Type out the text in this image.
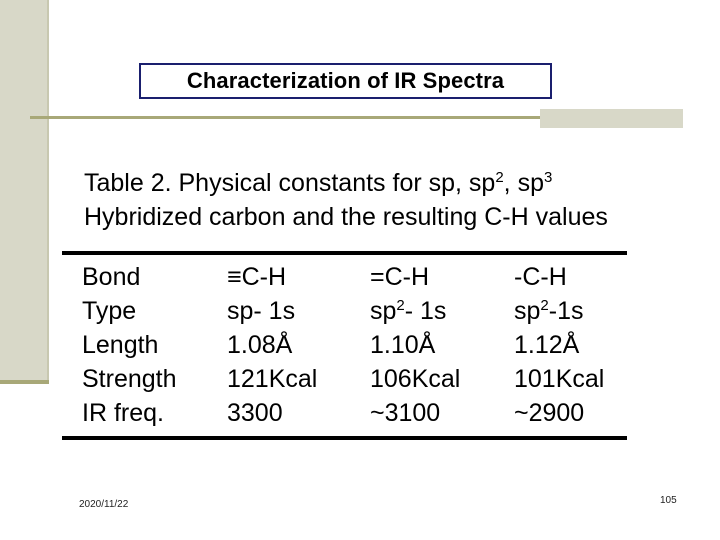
Characterization of IR Spectra
Table 2. Physical constants for sp, $sp^2$, $sp^3$
Hybridized carbon and the resulting C-H values
Bond
Type
Length
Strength
IR freq.
≡C-H
sp- 1s
1.08Å
121Kcal
3300
=C-H
$sp^2-$ 1s
1.10Å
106Kcal
~3100
-C-H
$sp^2-1s$
1.12Å
101Kcal
~2900
2020/11/22	105
